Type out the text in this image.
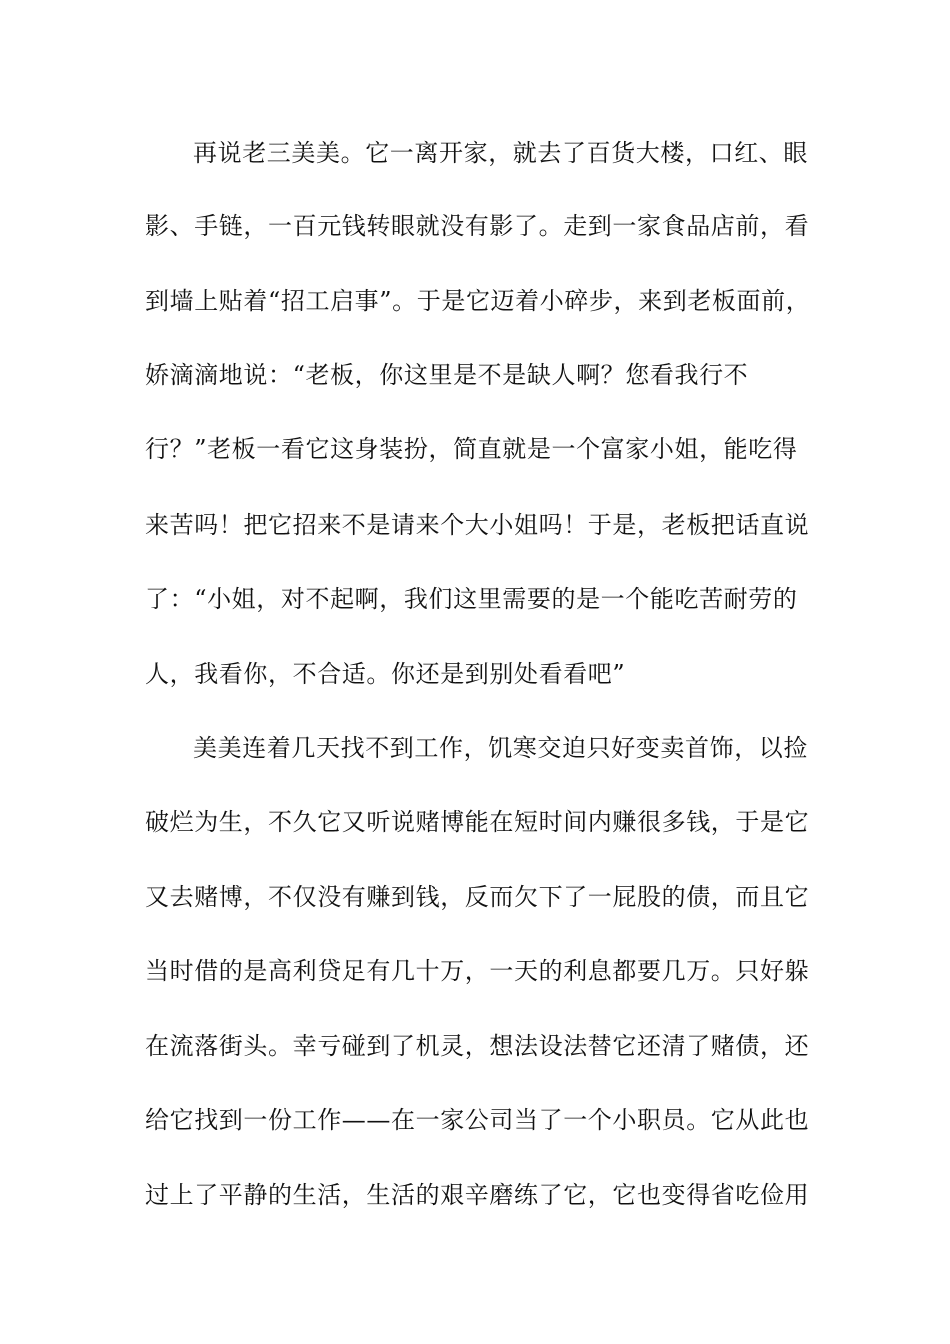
再说老三美美。它一离开家，就去了百货大楼，口红、眼
影、手链，一百元钱转眼就没有影了。走到一家食品店前，看
到墙上贴着“招工启事”。于是它迈着小碎步，来到老板面前，
娇滴滴地说：“老板，你这里是不是缺人啊？您看我行不
行？”老板一看它这身装扮，简直就是一个富家小姐，能吃得
来苦吗！把它招来不是请来个大小姐吗！于是，老板把话直说
了：“小姐，对不起啊，我们这里需要的是一个能吃苦耐劳的
人，我看你，不合适。你还是到别处看看吧”
美美连着几天找不到工作，饥寒交迫只好变卖首饰，以捡
破烂为生，不久它又听说赌博能在短时间内赚很多钱，于是它
又去赌博，不仅没有赚到钱，反而欠下了一屁股的债，而且它
当时借的是高利贷足有几十万，一天的利息都要几万。只好躲
在流落街头。幸亏碰到了机灵，想法设法替它还清了赌债，还
给它找到一份工作——在一家公司当了一个小职员。它从此也
过上了平静的生活，生活的艰辛磨练了它，它也变得省吃俭用
